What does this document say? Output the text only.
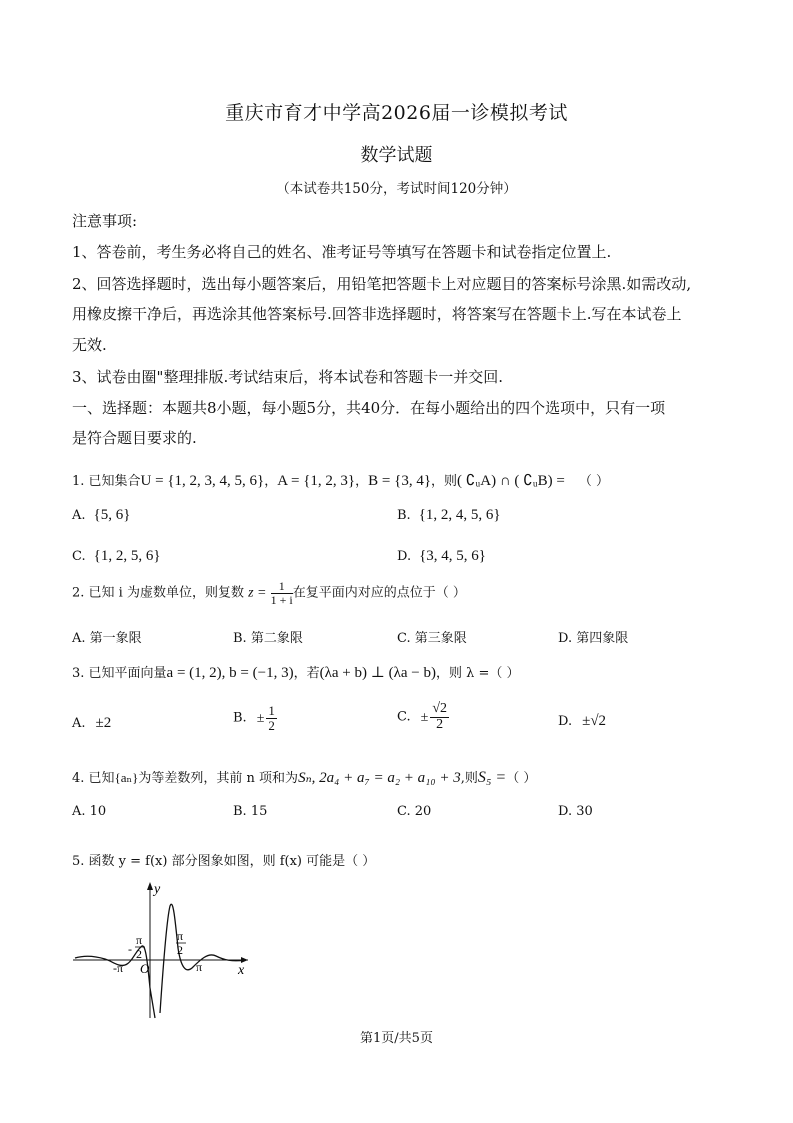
重庆市育才中学高2026届一诊模拟考试
数学试题
（本试卷共150分，考试时间120分钟）
注意事项:
1、答卷前，考生务必将自己的姓名、准考证号等填写在答题卡和试卷指定位置上.
2、回答选择题时，选出每小题答案后，用铅笔把答题卡上对应题目的答案标号涂黑.如需改动,
用橡皮擦干净后，再选涂其他答案标号.回答非选择题时，将答案写在答题卡上.写在本试卷上
无效.
3、试卷由圈"整理排版.考试结束后，将本试卷和答题卡一并交回.
一、选择题：本题共8小题，每小题5分，共40分．在每小题给出的四个选项中，只有一项
是符合题目要求的.
1. 已知集合U = {1, 2, 3, 4, 5, 6}，A = {1, 2, 3}，B = {3, 4}，则( ∁ᵤA) ∩ ( ∁ᵤB) = （ ）
A. {5, 6}	B. {1, 2, 4, 5, 6}
C. {1, 2, 5, 6}	D. {3, 4, 5, 6}
2. 已知 i 为虚数单位，则复数 $z = \frac{1}{1 + i}$ 在复平面内对应的点位于（ ）
A. 第一象限	B. 第二象限	C. 第三象限	D. 第四象限
3. 已知平面向量a = (1, 2), b = (−1, 3)，若(λa + b) ⊥ (λa − b)，则 λ =（ ）
A. ±2	B. ± $\frac{1}{2}$	C. ± $\frac{√2}{2}$	D. ±√2
4. 已知{aₙ}为等差数列，其前 n 项和为Sₙ, 2a₄ + a₇ = a₂ + a₁₀ + 3,则S₅ =（ ）
A. 10	B. 15	C. 20	D. 30
5. 函数 y = f(x) 部分图象如图，则 f(x) 可能是（ ）
y
x
O
-π	π
-
π
2
π
2
第1页/共5页
